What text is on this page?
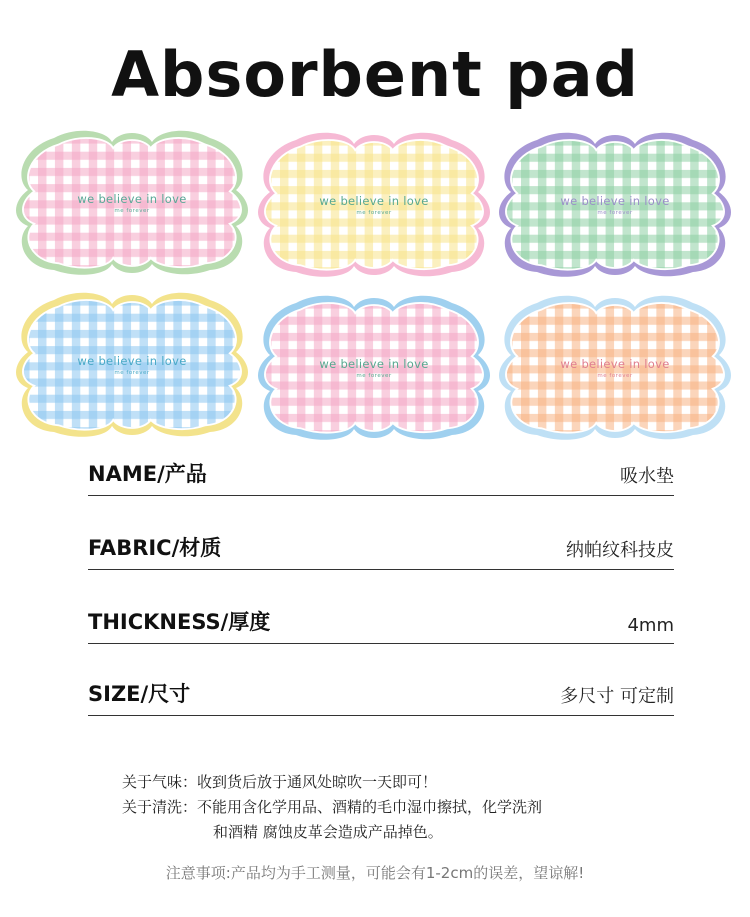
Absorbent pad
we believe in love
me forever
we believe in love
me forever
we believe in love
me forever
we believe in love
me forever
we believe in love
me forever
we believe in love
me forever
NAME/产品	吸水垫
FABRIC/材质	纳帕纹科技皮
THICKNESS/厚度	4mm
SIZE/尺寸	多尺寸 可定制
关于气味：收到货后放于通风处晾吹一天即可！
关于清洗：不能用含化学用品、酒精的毛巾湿巾擦拭，化学洗剂
和酒精 腐蚀皮革会造成产品掉色。
注意事项:产品均为手工测量，可能会有1-2cm的误差，望谅解!
